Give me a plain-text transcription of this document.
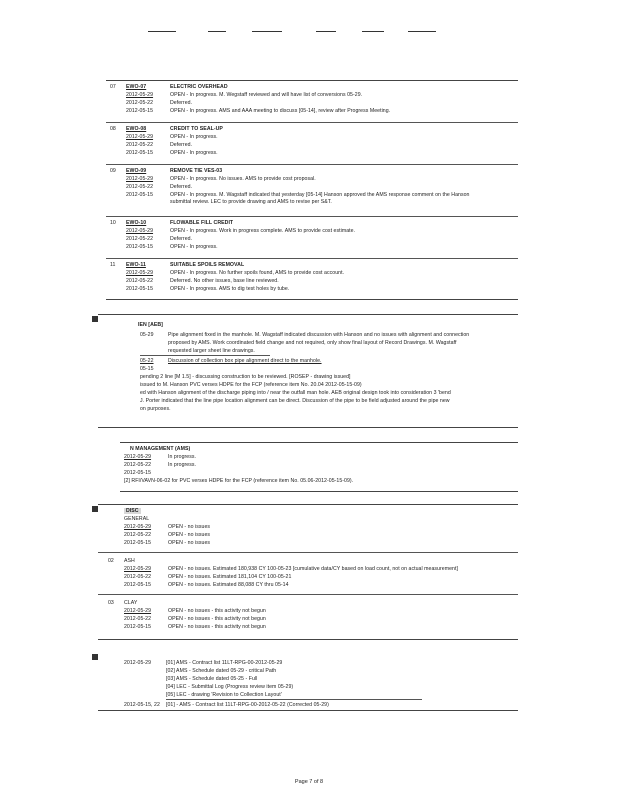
07 EWO-07	ELECTRIC OVERHEAD
2012-05-29	OPEN - In progress. M. Wegstaff reviewed and will have list of conversions 05-29.
2012-05-22	Deferred.
2012-05-15	OPEN - In progress. AMS and AAA meeting to discuss [05-14], review after Progress Meeting.
08 EWO-08	CREDIT TO SEAL-UP
2012-05-29	OPEN - In progress.
2012-05-22	Deferred.
2012-05-15	OPEN - In progress.
09 EWO-09	REMOVE TIE VES-03
2012-05-29	OPEN - In progress. No issues. AMS to provide cost proposal.
2012-05-22	Deferred.
2012-05-15	OPEN - In progress. M. Wagstaff indicated that yesterday [05-14] Hanson approved the AMS response comment on the Hanson
submittal review. LEC to provide drawing and AMS to revise per S&T.
10 EWO-10	FLOWABLE FILL CREDIT
2012-05-29	OPEN - In progress. Work in progress complete. AMS to provide cost estimate.
2012-05-22	Deferred.
2012-05-15	OPEN - In progress.
11 EWO-11	SUITABLE SPOILS REMOVAL
2012-05-29	OPEN - In progress. No further spoils found, AMS to provide cost account.
2012-05-22	Deferred. No other issues, base line reviewed.
2012-05-15	OPEN - In progress. AMS to dig test holes by tube.
IEN [AEB]
05-29	Pipe alignment fixed in the manhole. M. Wagstaff indicated discussion with Hanson and no issues with alignment and connection
proposed by AMS. Work coordinated field change and not required, only show final layout of Record Drawings. M. Wagstaff
requested larger sheet line drawings.
05-22	Discussion of collection box pipe alignment direct to the manhole.
05-15
pending 2 line [M 1.5] - discussing construction to be reviewed. [ROSEP - drawing issued]
issued to M. Hanson PVC verses HDPE for the FCP (reference item No. 20.04 2012-05-15-09)
ed with Hanson alignment of the discharge piping into / near the outfall man hole. AEB original design took into consideration 3 'bend
J. Porter indicated that the line pipe location alignment can be direct. Discussion of the pipe to be field adjusted around the pipe new
on purposes.
N MANAGEMENT (AMS)
2012-05-29	In progress.
2012-05-22	In progress.
2012-05-15
[2] RFI/VAVN-06-02 for PVC verses HDPE for the FCP (reference item No. 05.06-2012-05-15-09).
DISC
GENERAL
2012-05-29	OPEN - no issues
2012-05-22	OPEN - no issues
2012-05-15	OPEN - no issues
02 ASH
2012-05-29	OPEN - no issues. Estimated 180,938 CY 100-05-23 [cumulative data/CY based on load count, not on actual measurement]
2012-05-22	OPEN - no issues. Estimated 181,104 CY 100-05-21
2012-05-15	OPEN - no issues. Estimated 88,088 CY thru 05-14
03 CLAY
2012-05-29	OPEN - no issues - this activity not begun
2012-05-22	OPEN - no issues - this activity not begun
2012-05-15	OPEN - no issues - this activity not begun
2012-05-29	[01] AMS - Contract list 11LT-RPG-00-2012-05-29
[02] AMS - Schedule dated 05-29 - critical Path
[03] AMS - Schedule dated 05-25 - Full
[04] LEC - Submittal Log (Progress review item 05-29)
[05] LEC - drawing 'Revision to Collection Layout'
2012-05-15, 22 [01] - AMS - Contract list 11LT-RPG-00-2012-05-22 (Corrected 05-29)
Page 7 of 8
